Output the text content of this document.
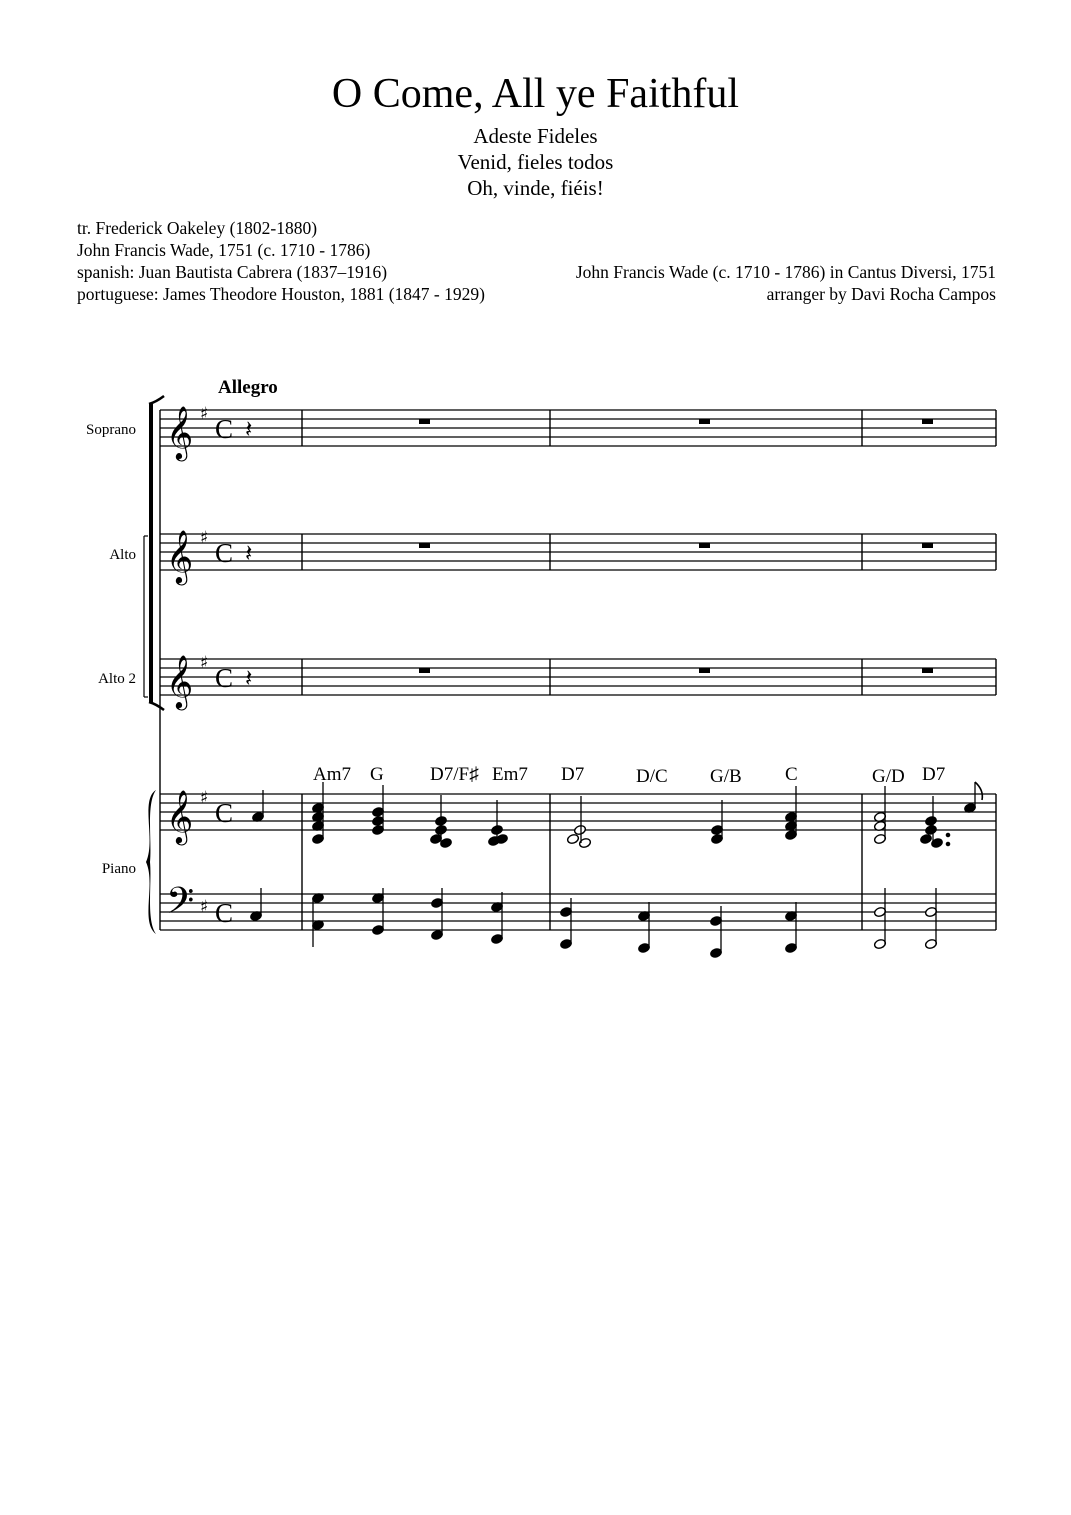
O Come, All ye Faithful
Adeste Fideles
Venid, fieles todos
Oh, vinde, fiéis!
tr. Frederick Oakeley (1802-1880)
John Francis Wade, 1751 (c. 1710 - 1786)
spanish: Juan Bautista Cabrera (1837–1916)
portuguese: James Theodore Houston, 1881 (1847 - 1929)
John Francis Wade (c. 1710 - 1786) in Cantus Diversi, 1751
arranger by Davi Rocha Campos
Allegro
Soprano
Alto
Alto 2
Piano
𝄞
𝄞
𝄞
𝄞
𝄢
♯
♯
♯
♯
♯
C
C
C
C
C
𝄽
𝄽
𝄽
Am7 G D7/F♯ Em7 D7	D/C G/B C	G/D D7
